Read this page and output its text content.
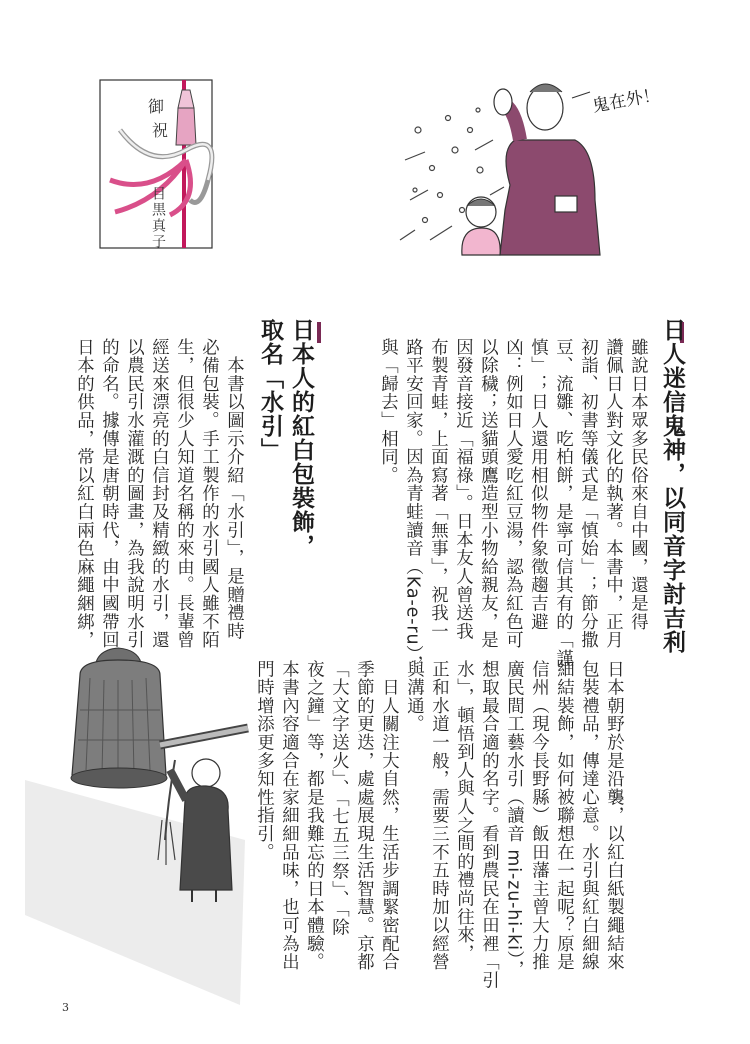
御
祝
目黒真子
鬼在外！
日人迷信鬼神，以同音字討吉利
雖說日本眾多民俗來自中國，還是得
讚佩日人對文化的執著。本書中，正月
初詣、初書等儀式是「慎始」；節分撒
豆、流雛、吃柏餅，是寧可信其有的「謹
慎」；日人還用相似物件象徵趨吉避
凶：例如日人愛吃紅豆湯，認為紅色可
以除穢；送貓頭鷹造型小物給親友，是
因發音接近「福祿」。日本友人曾送我
布製青蛙，上面寫著「無事」，祝我一
路平安回家。因為青蛙讀音（Ka-e-ru），
與「歸去」相同。
日本人的紅白包裝飾，
取名「水引」
　本書以圖示介紹「水引」，是贈禮時
必備包裝。手工製作的水引國人雖不陌
生，但很少人知道名稱的來由。長輩曾
經送來漂亮的白信封及精緻的水引，還
以農民引水灌溉的圖畫，為我說明水引
的命名。據傳是唐朝時代，由中國帶回
日本的供品，常以紅白兩色麻繩綑綁，
日本朝野於是沿襲，以紅白紙製繩結來
包裝禮品，傳達心意。水引與紅白細線
細結裝飾，如何被聯想在一起呢？原是
信州（現今長野縣）飯田藩主曾大力推
廣民間工藝水引（讀音 mi-zu-hi-ki），
想取最合適的名字。看到農民在田裡「引
水」，頓悟到人與人之間的禮尚往來，
正和水道一般，需要三不五時加以經營
與溝通。
　日人關注大自然，生活步調緊密配合
季節的更迭，處處展現生活智慧。京都
「大文字送火」、「七五三祭」、「除
夜之鐘」等，都是我難忘的日本體驗。
本書內容適合在家細細品味，也可為出
門時增添更多知性指引。
3
